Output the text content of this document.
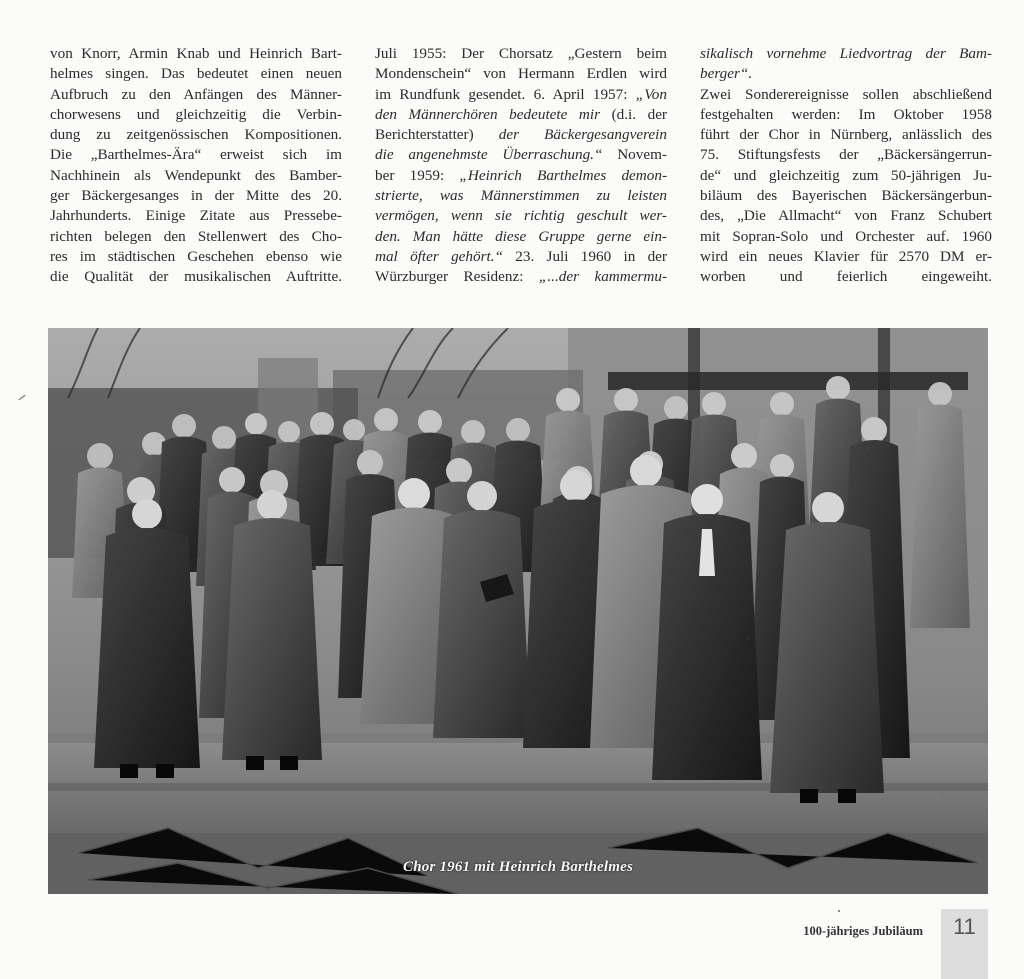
von Knorr, Armin Knab und Heinrich Bart-
helmes singen. Das bedeutet einen neuen
Aufbruch zu den Anfängen des Männer-
chorwesens und gleichzeitig die Verbin-
dung zu zeitgenössischen Kompositionen.
Die „Barthelmes-Ära“ erweist sich im
Nachhinein als Wendepunkt des Bamber-
ger Bäckergesanges in der Mitte des 20.
Jahrhunderts. Einige Zitate aus Pressebe-
richten belegen den Stellenwert des Cho-
res im städtischen Geschehen ebenso wie
die Qualität der musikalischen Auftritte.
Juli 1955: Der Chorsatz „Gestern beim
Mondenschein“ von Hermann Erdlen wird
im Rundfunk gesendet. 6. April 1957: „Von
den Männerchören bedeutete mir (d.i. der
Berichterstatter) der Bäckergesangverein
die angenehmste Überraschung.“ Novem-
ber 1959: „Heinrich Barthelmes demon-
strierte, was Männerstimmen zu leisten
vermögen, wenn sie richtig geschult wer-
den. Man hätte diese Gruppe gerne ein-
mal öfter gehört.“ 23. Juli 1960 in der
Würzburger Residenz: „...der kammermu-
sikalisch vornehme Liedvortrag der Bam-
berger“.
Zwei Sonderereignisse sollen abschließend
festgehalten werden: Im Oktober 1958
führt der Chor in Nürnberg, anlässlich des
75. Stiftungsfests der „Bäckersängerrun-
de“ und gleichzeitig zum 50-jährigen Ju-
biläum des Bayerischen Bäckersängerbun-
des, „Die Allmacht“ von Franz Schubert
mit Sopran-Solo und Orchester auf. 1960
wird ein neues Klavier für 2570 DM er-
worben und feierlich eingeweiht.
Chor 1961 mit Heinrich Barthelmes
100-jähriges Jubiläum	11
